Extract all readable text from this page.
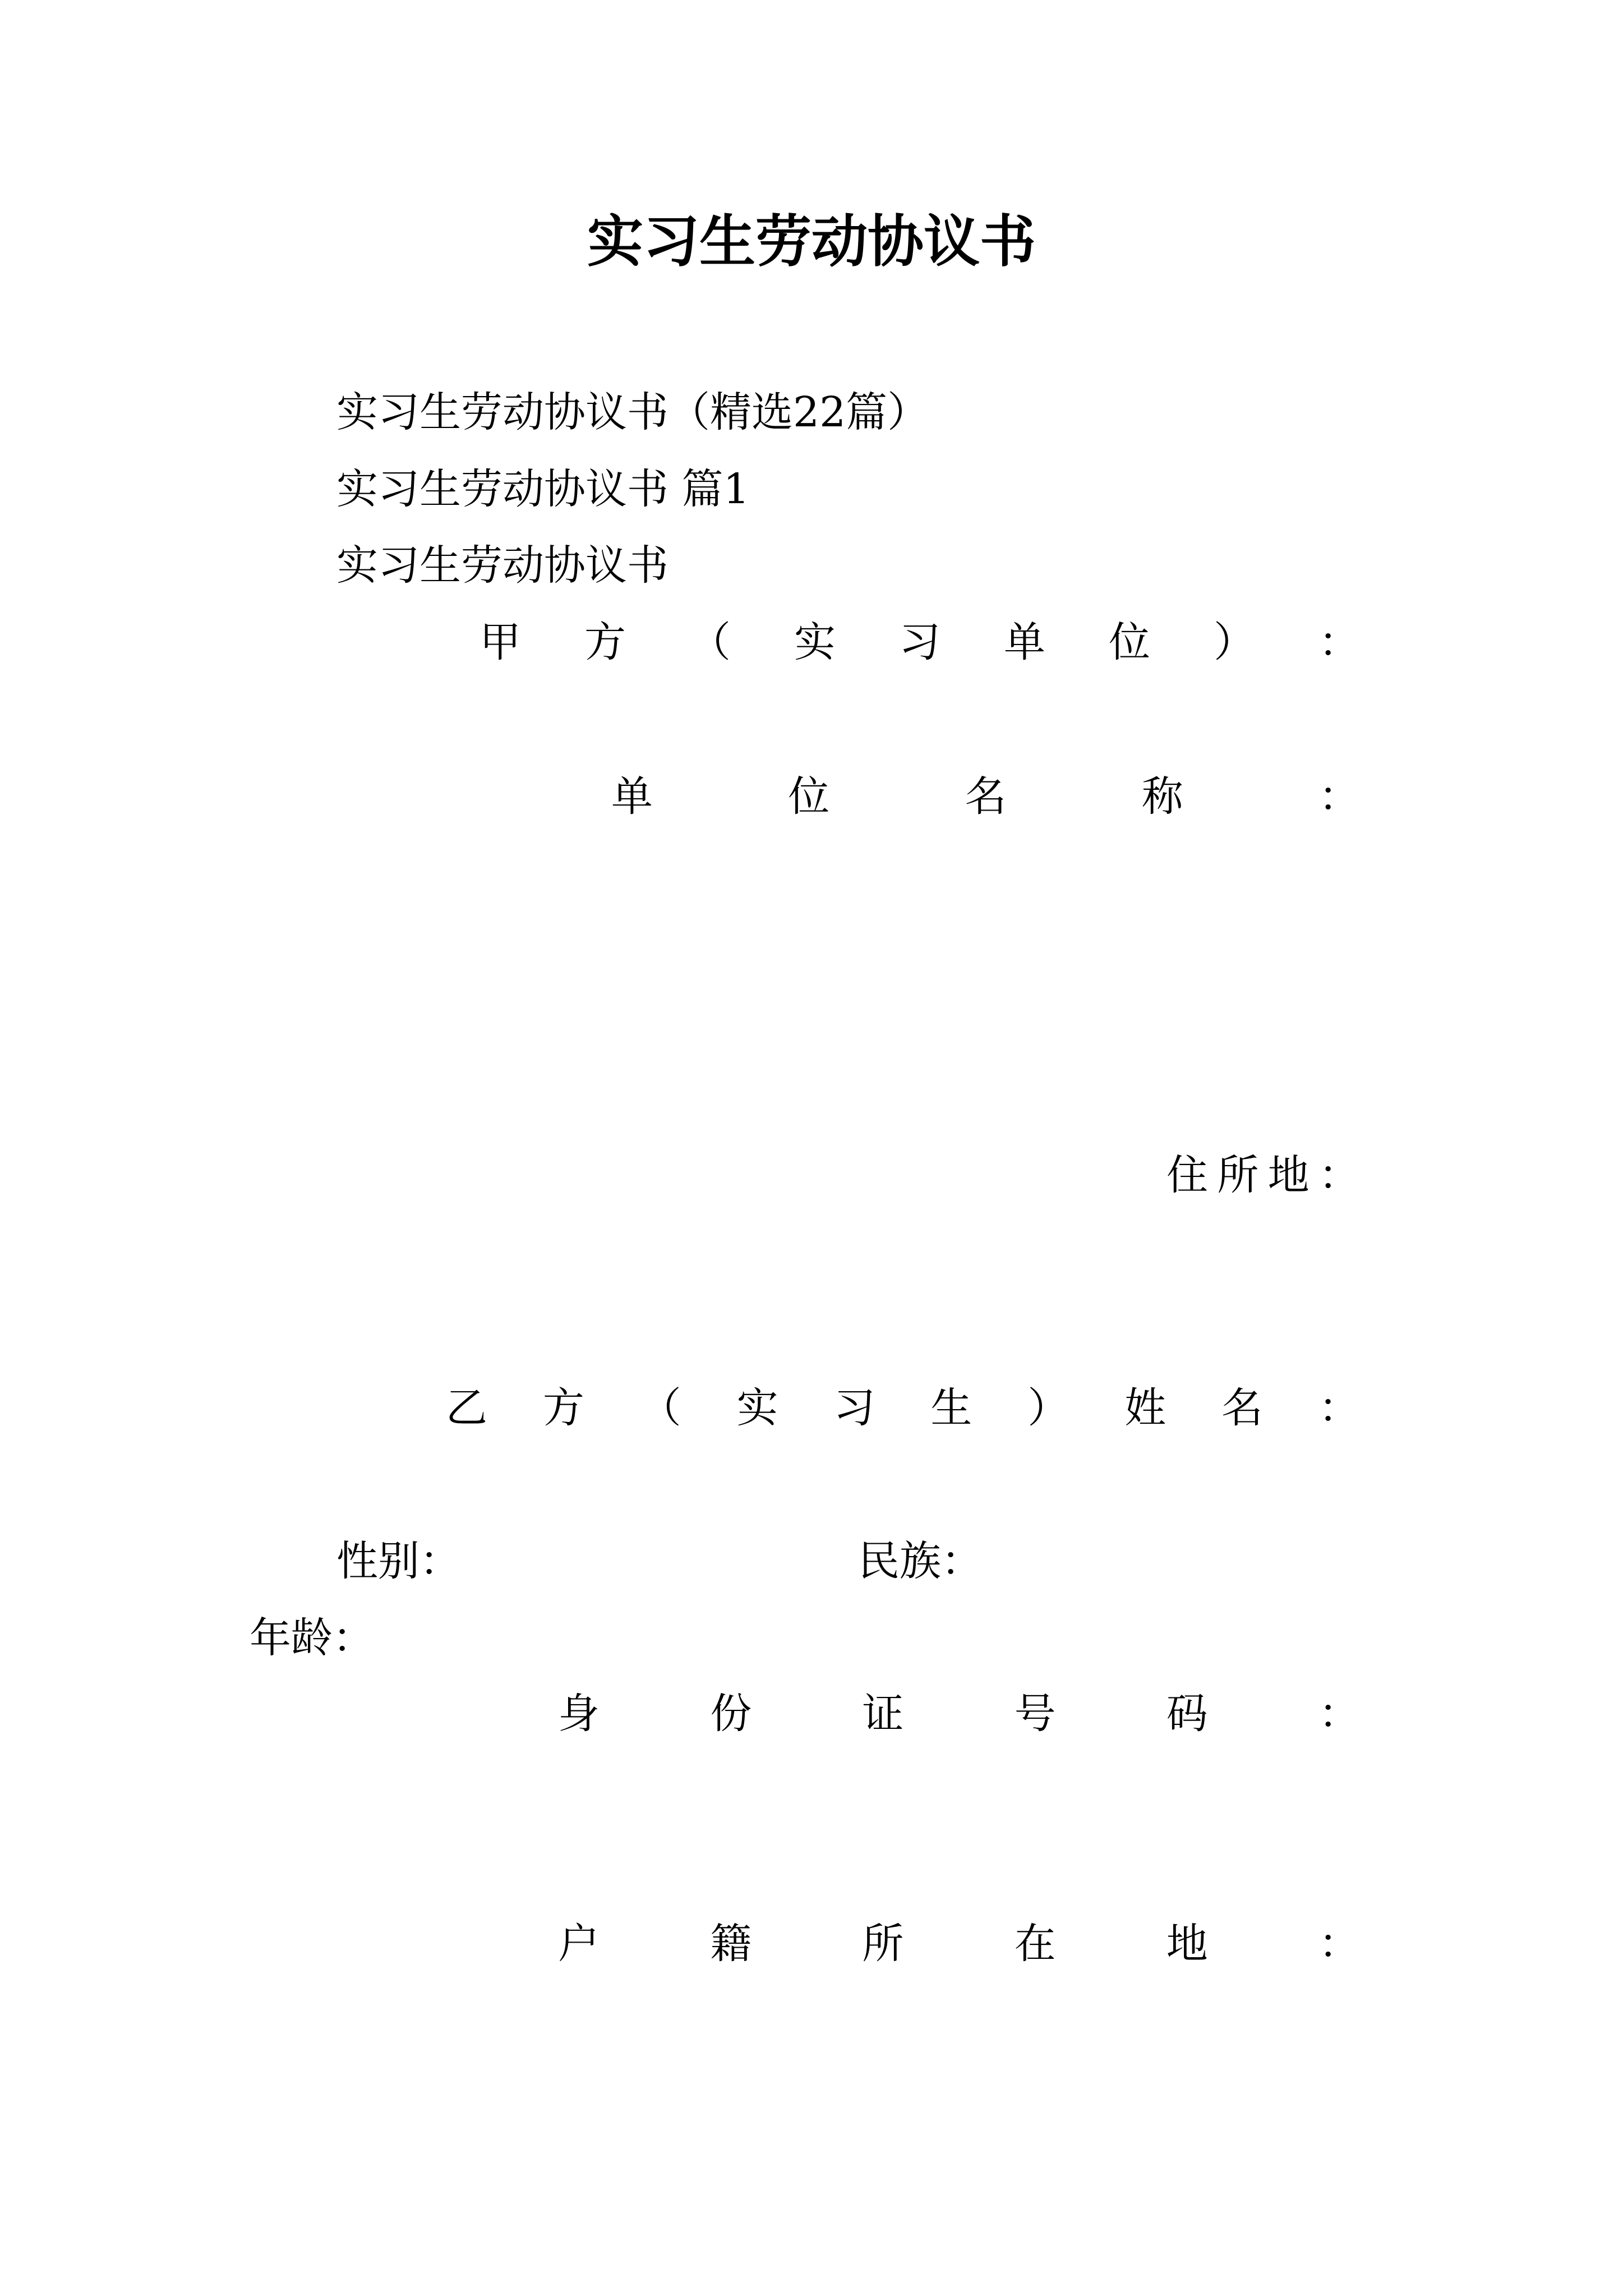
实习生劳动协议书
实习生劳动协议书（精选22篇）
实习生劳动协议书 篇1
实习生劳动协议书
甲 方 （ 实 习 单 位 ） ：
单	位	名	称	：
住 所 地 ：
乙 方 （ 实 习 生 ） 姓 名 ：
性别：	民族：
年龄：
身	份	证	号	码	：
户	籍	所	在	地	：
